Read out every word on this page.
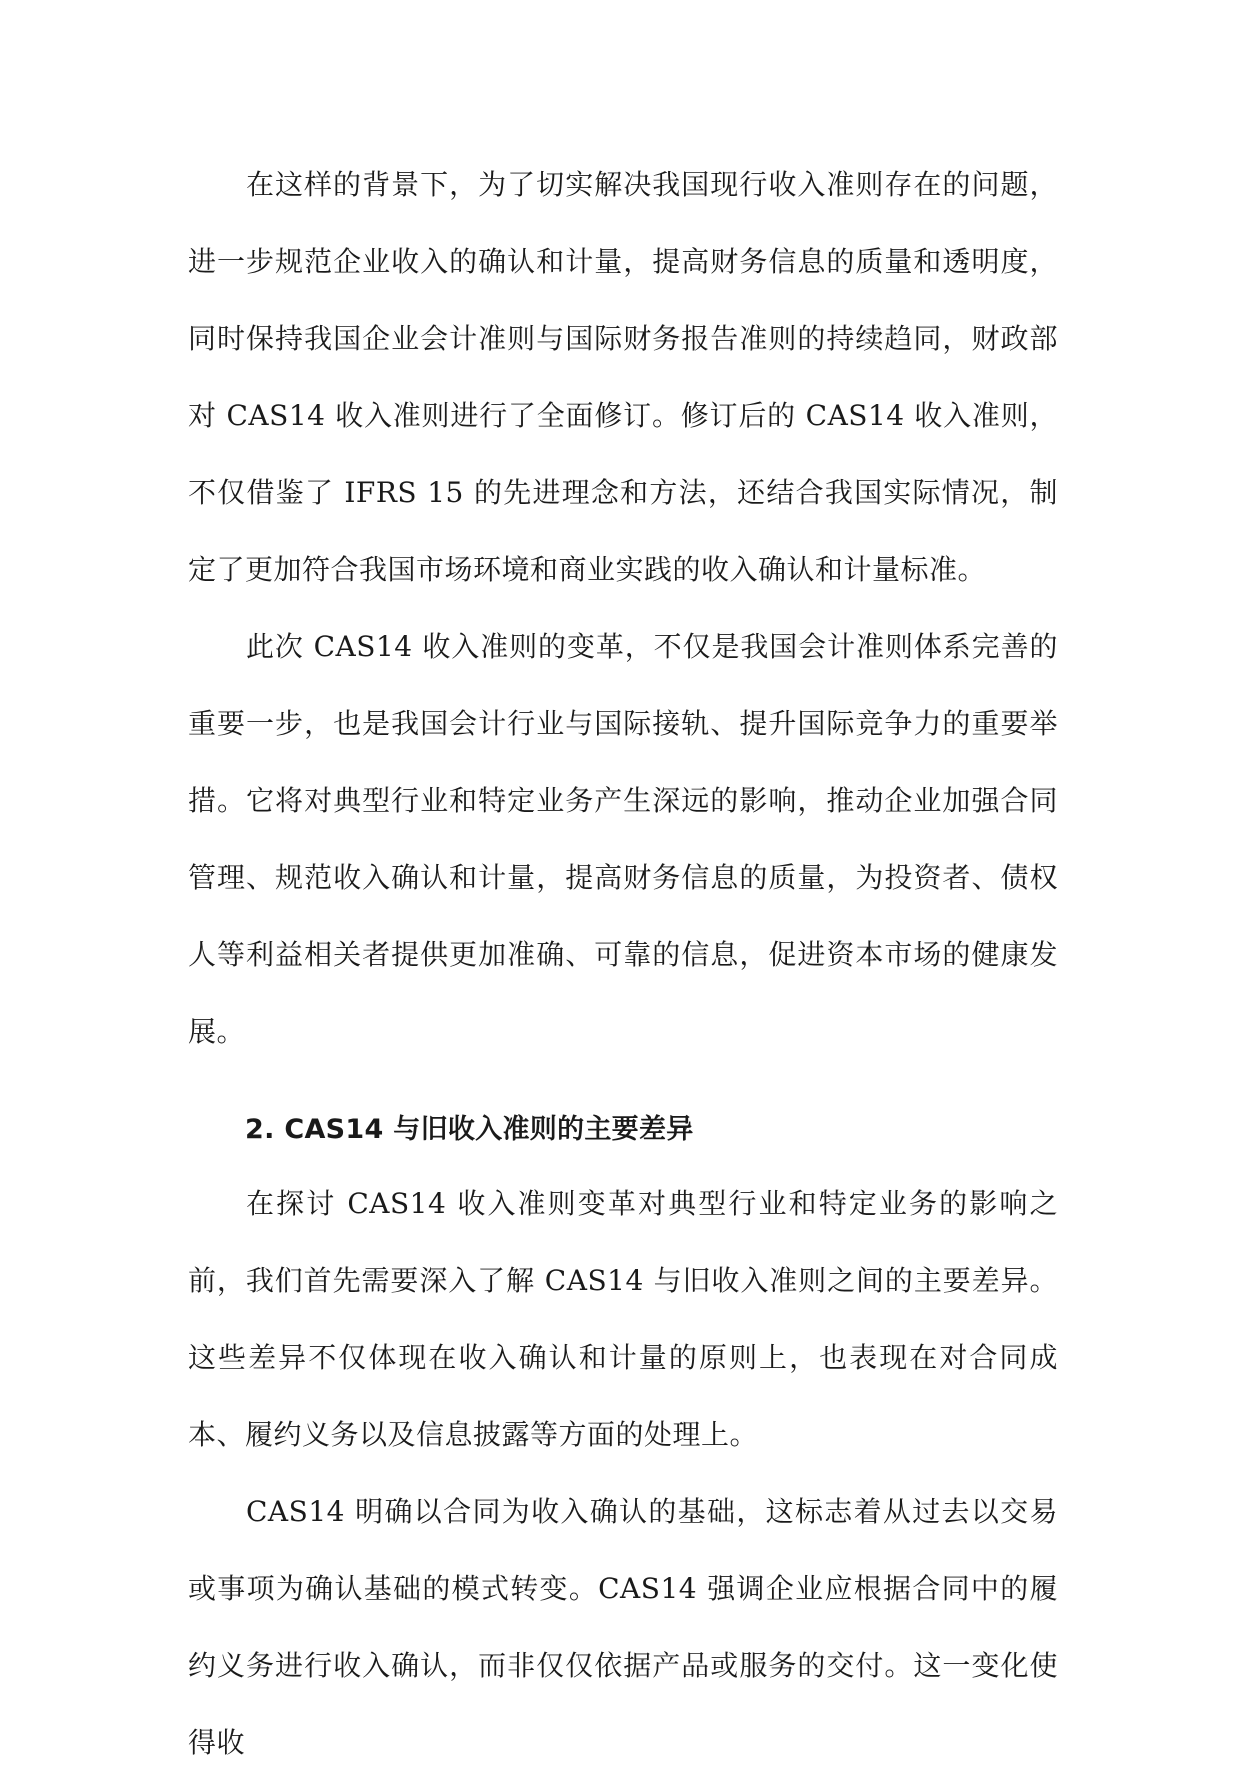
在这样的背景下，为了切实解决我国现行收入准则存在的问题，进一步规范企业收入的确认和计量，提高财务信息的质量和透明度，同时保持我国企业会计准则与国际财务报告准则的持续趋同，财政部对 CAS14 收入准则进行了全面修订。修订后的 CAS14 收入准则，不仅借鉴了 IFRS 15 的先进理念和方法，还结合我国实际情况，制定了更加符合我国市场环境和商业实践的收入确认和计量标准。

此次 CAS14 收入准则的变革，不仅是我国会计准则体系完善的重要一步，也是我国会计行业与国际接轨、提升国际竞争力的重要举措。它将对典型行业和特定业务产生深远的影响，推动企业加强合同管理、规范收入确认和计量，提高财务信息的质量，为投资者、债权人等利益相关者提供更加准确、可靠的信息，促进资本市场的健康发展。

2. CAS14 与旧收入准则的主要差异

在探讨 CAS14 收入准则变革对典型行业和特定业务的影响之前，我们首先需要深入了解 CAS14 与旧收入准则之间的主要差异。这些差异不仅体现在收入确认和计量的原则上，也表现在对合同成本、履约义务以及信息披露等方面的处理上。

CAS14 明确以合同为收入确认的基础，这标志着从过去以交易或事项为确认基础的模式转变。CAS14 强调企业应根据合同中的履约义务进行收入确认，而非仅仅依据产品或服务的交付。这一变化使得收
